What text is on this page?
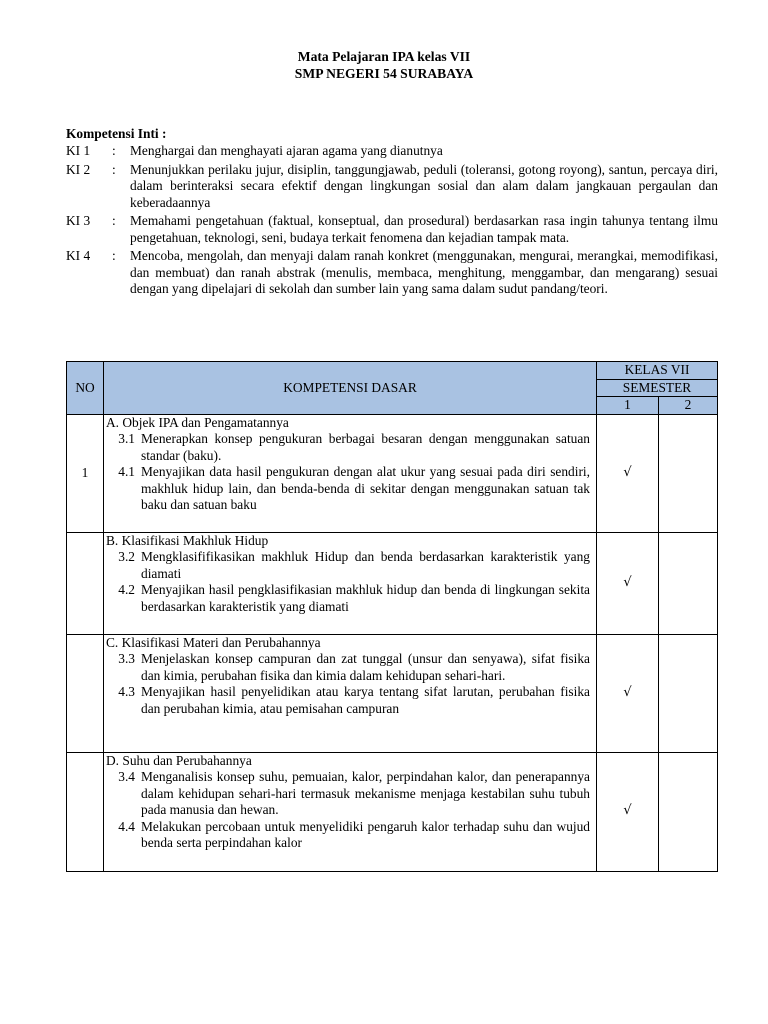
Mata Pelajaran IPA kelas VII
SMP NEGERI 54 SURABAYA
Kompetensi Inti :
KI 1	:	Menghargai dan menghayati ajaran agama yang dianutnya
KI 2	:	Menunjukkan perilaku jujur, disiplin, tanggungjawab, peduli (toleransi, gotong royong), santun, percaya diri, dalam berinteraksi secara efektif dengan lingkungan sosial dan alam dalam jangkauan pergaulan dan keberadaannya
KI 3	:	Memahami pengetahuan (faktual, konseptual, dan prosedural) berdasarkan rasa ingin tahunya tentang ilmu pengetahuan, teknologi, seni, budaya terkait fenomena dan kejadian tampak mata.
KI 4	:	Mencoba, mengolah, dan menyaji dalam ranah konkret (menggunakan, mengurai, merangkai, memodifikasi, dan membuat) dan ranah abstrak (menulis, membaca, menghitung, menggambar, dan mengarang) sesuai dengan yang dipelajari di sekolah dan sumber lain yang sama dalam sudut pandang/teori.
NO	KOMPETENSI DASAR	KELAS VII	
		SEMESTER	
		1	2
1	A. Objek IPA dan Pengamatannya
3.1 Menerapkan konsep pengukuran berbagai besaran dengan menggunakan satuan standar (baku).
4.1 Menyajikan data hasil pengukuran dengan alat ukur yang sesuai pada diri sendiri, makhluk hidup lain, dan benda-benda di sekitar dengan menggunakan satuan tak baku dan satuan baku	√	

	B. Klasifikasi Makhluk Hidup
3.2 Mengklasififikasikan makhluk Hidup dan benda berdasarkan karakteristik yang diamati
4.2 Menyajikan hasil pengklasifikasian makhluk hidup dan benda di lingkungan sekita berdasarkan karakteristik yang diamati	√	

	C. Klasifikasi Materi dan Perubahannya
3.3 Menjelaskan konsep campuran dan zat tunggal (unsur dan senyawa), sifat fisika dan kimia, perubahan fisika dan kimia dalam kehidupan sehari-hari.
4.3 Menyajikan hasil penyelidikan atau karya tentang sifat larutan, perubahan fisika dan perubahan kimia, atau pemisahan campuran	√	

	D. Suhu dan Perubahannya
3.4 Menganalisis konsep suhu, pemuaian, kalor, perpindahan kalor, dan penerapannya dalam kehidupan sehari-hari termasuk mekanisme menjaga kestabilan suhu tubuh pada manusia dan hewan.
4.4 Melakukan percobaan untuk menyelidiki pengaruh kalor terhadap suhu dan wujud benda serta perpindahan kalor	√	
